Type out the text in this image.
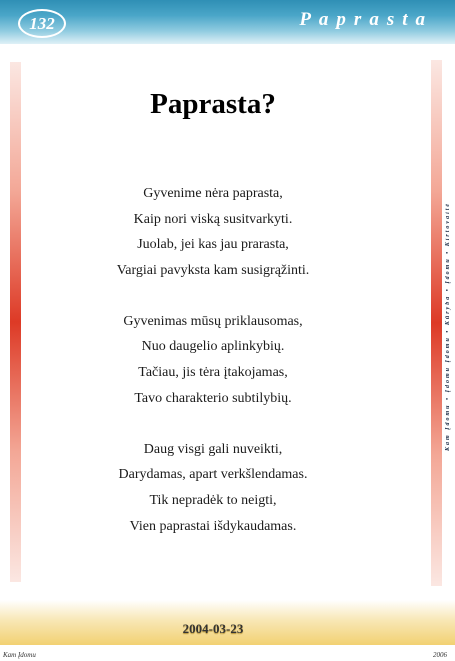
132	Paprasta
Kam Įdomu • Įdomu Įdomu • Kūryba • Įdomu • Kirtovaitė
Paprasta?
Gyvenime nėra paprasta,
Kaip nori viską susitvarkyti.
Juolab, jei kas jau prarasta,
Vargiai pavyksta kam susigrąžinti.
Gyvenimas mūsų priklausomas,
Nuo daugelio aplinkybių.
Tačiau, jis tėra įtakojamas,
Tavo charakterio subtilybių.
Daug visgi gali nuveikti,
Darydamas, apart verkšlendamas.
Tik nepradėk to neigti,
Vien paprastai išdykaudamas.
2004-03-23
Kam Įdomu	2006
